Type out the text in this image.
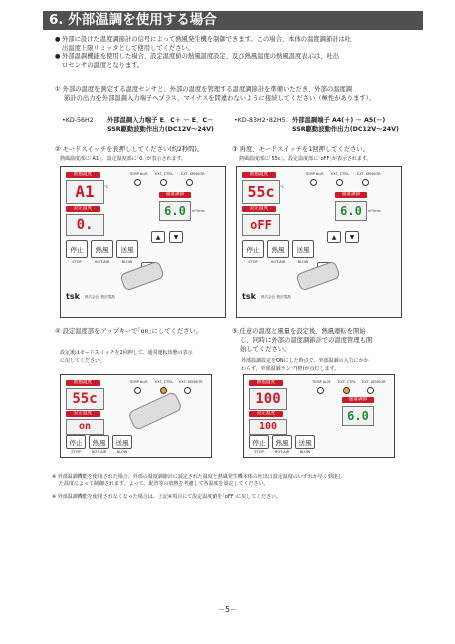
6. 外部温調を使用する場合
● 外部に設けた温度調節計の信号によって熱風発生機を制御できます。この場合、本体の温度調節計は吐
出温度上限リミッタとして使用してください。
● 外部温調機能を使用した場合、設定温度値の熱風温度設定、及び熱風温度の熱風温度表示は、吐出
ロセンサの温度となります。
① 外部の温度を測定する温度センサと、外部の温度を管理する温度調節計を準備いただき、外部の温度調
節計の出力を外部温調入力端子へプラス、マイナスを間違わないように接続してください（極性があります）。
•KD-56H2 外部温調入力端子 E．C＋ － E．C－
SSR駆動波動作出力(DC12V～24V)
•KD-83H2･82H5： 外部温調端子 A4(＋) － A5(－)
SSR駆動波動作出力(DC12V～24V)
② モードスイッチを長押ししてください(約2秒間)。
熱風温度部に｢A1｣、設定温度部に｢0.｣が表示されます。
③ 再度、モードスイッチを1回押してください。
熱風温度部に｢55c｣、設定温度部に｢oFF｣が表示されます。
熱風温度
A1	°C
設定温度
0.
TEMP ALM EXT. CTRL EXT. SENSOR
風量調節
6.0	m³/min
停止	熱風	送風
STOP	HOT-AIR	BLOW
▲	▼
tsk 株式会社 熱匠電熱
熱風温度
55c	°C
設定温度
oFF
TEMP ALM EXT. CTRL EXT. SENSOR
風量調節
6.0	m³/min
停止	熱風	送風
STOP	HOT-AIR	BLOW
▲	▼
tsk 株式会社 熱匠電熱
④ 設定温度部をアップキーで｢on｣にしてください。
設定後はモードスイッチを2回押して、通常運転状態の表示
に戻してください。
⑤ 任意の温度と風量を設定後、熱風運転を開始
し、同時に外部の温度調節計での温度管理も開
始してください。
外部温調設定をONにした時点で、外部温調の入力にかか
わらず、外部温調ランプ(橙)が点灯します。
熱風温度
55c
設定温度
on
TEMP ALM EXT. CTRL EXT. SENSOR
停止	熱風	送風
STOP	HOT-AIR	BLOW
熱風温度
100
設定温度
100
TEMP ALM EXT. CTRL EXT. SENSOR
風量調節
6.0
停止	熱風	送風
STOP	HOT-AIR	BLOW
※ 外部温調機能を使用された場合、外部の温度調節計に設定された温度と熱風発生機本体の吐出口設定温度のいずれか早く到達し
た温度によって制御されます。よって、配管等の放熱を考慮して各温度を設定してください。
※ 外部温調機能を使用されなくなった場合は、上記④項目にて設定温度値を｢oFF｣に戻してください。
－5－
